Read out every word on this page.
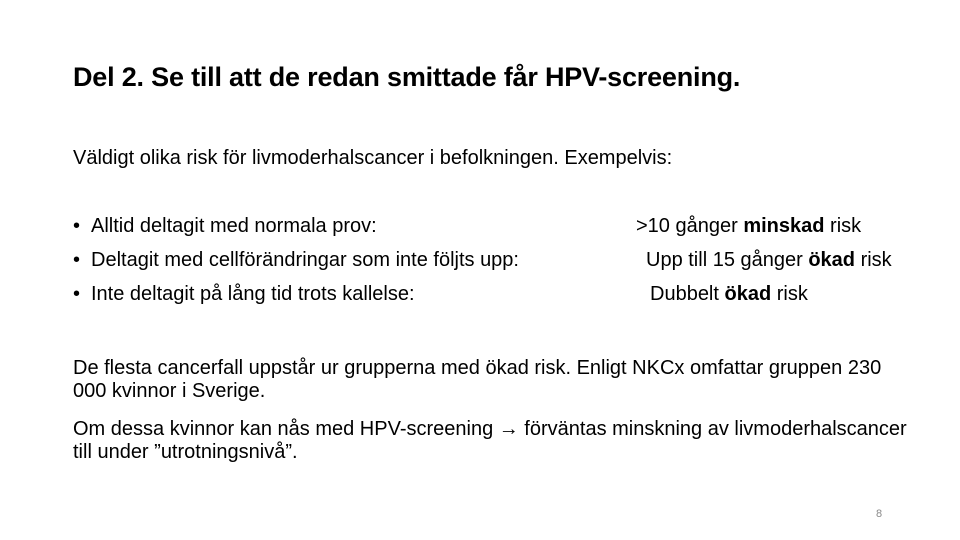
Del 2. Se till att de redan smittade får HPV-screening.
Väldigt olika risk för livmoderhalscancer i befolkningen. Exempelvis:
• Alltid deltagit med normala prov:	>10 gånger minskad risk
• Deltagit med cellförändringar som inte följts upp:	Upp till 15 gånger ökad risk
• Inte deltagit på lång tid trots kallelse:	Dubbelt ökad risk
De flesta cancerfall uppstår ur grupperna med ökad risk. Enligt NKCx omfattar gruppen 230 000 kvinnor i Sverige.
Om dessa kvinnor kan nås med HPV-screening → förväntas minskning av livmoderhalscancer till under ”utrotningsnivå”.
8
